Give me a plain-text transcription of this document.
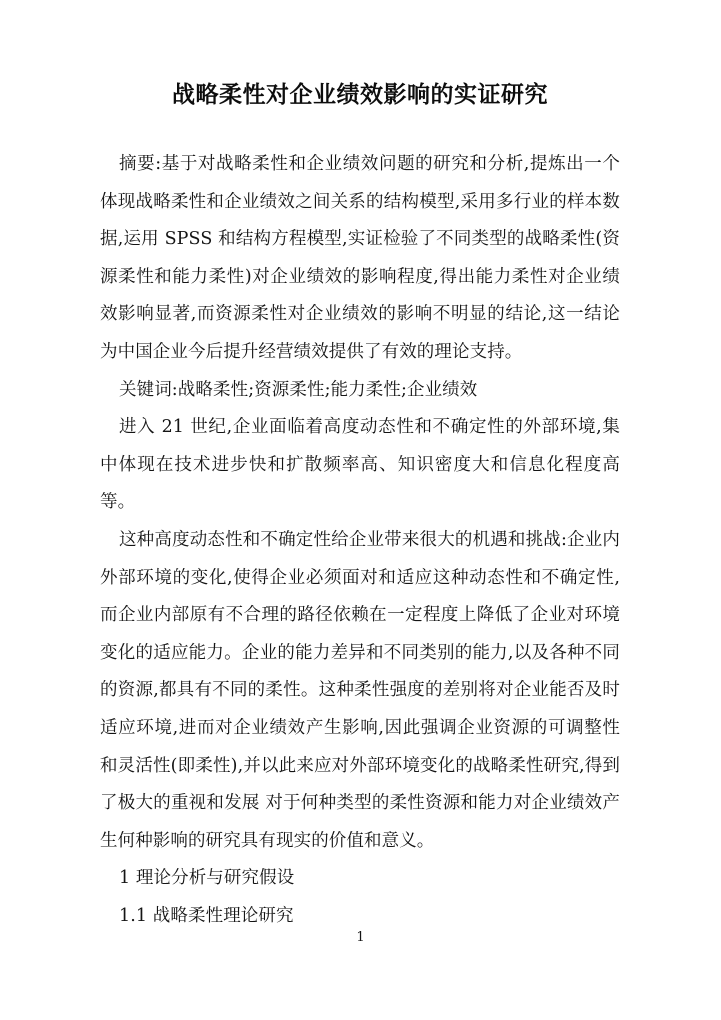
战略柔性对企业绩效影响的实证研究

摘要:基于对战略柔性和企业绩效问题的研究和分析,提炼出一个体现战略柔性和企业绩效之间关系的结构模型,采用多行业的样本数据,运用 SPSS 和结构方程模型,实证检验了不同类型的战略柔性(资源柔性和能力柔性)对企业绩效的影响程度,得出能力柔性对企业绩效影响显著,而资源柔性对企业绩效的影响不明显的结论,这一结论为中国企业今后提升经营绩效提供了有效的理论支持。

关键词:战略柔性;资源柔性;能力柔性;企业绩效

进入 21 世纪,企业面临着高度动态性和不确定性的外部环境,集中体现在技术进步快和扩散频率高、知识密度大和信息化程度高等。

这种高度动态性和不确定性给企业带来很大的机遇和挑战:企业内外部环境的变化,使得企业必须面对和适应这种动态性和不确定性,而企业内部原有不合理的路径依赖在一定程度上降低了企业对环境变化的适应能力。企业的能力差异和不同类别的能力,以及各种不同的资源,都具有不同的柔性。这种柔性强度的差别将对企业能否及时适应环境,进而对企业绩效产生影响,因此强调企业资源的可调整性和灵活性(即柔性),并以此来应对外部环境变化的战略柔性研究,得到了极大的重视和发展 对于何种类型的柔性资源和能力对企业绩效产生何种影响的研究具有现实的价值和意义。

1 理论分析与研究假设

1.1 战略柔性理论研究

1
